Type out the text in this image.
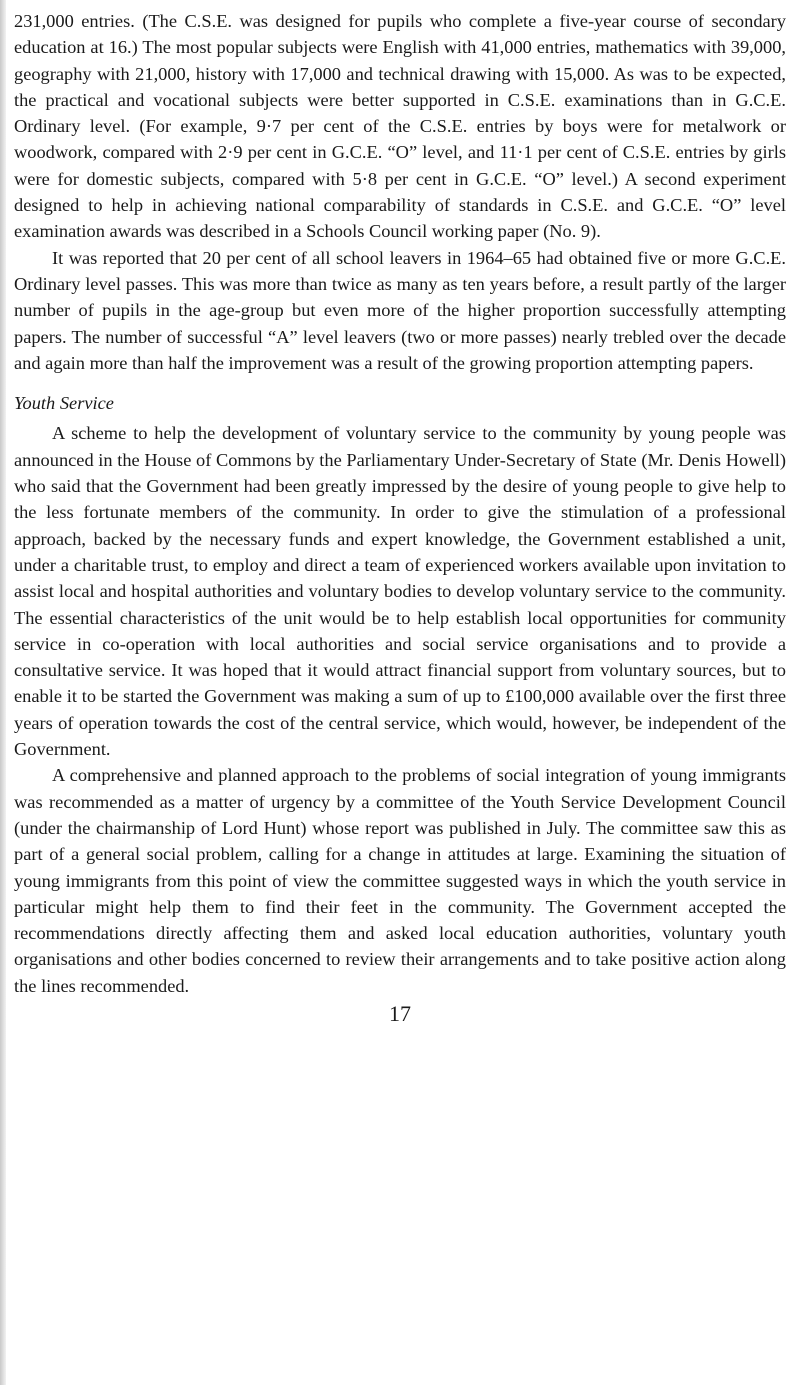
231,000 entries. (The C.S.E. was designed for pupils who complete a five-year course of secondary education at 16.) The most popular subjects were English with 41,000 entries, mathematics with 39,000, geography with 21,000, history with 17,000 and technical drawing with 15,000. As was to be expected, the practical and vocational subjects were better supported in C.S.E. examinations than in G.C.E. Ordinary level. (For example, 9·7 per cent of the C.S.E. entries by boys were for metalwork or woodwork, compared with 2·9 per cent in G.C.E. “O” level, and 11·1 per cent of C.S.E. entries by girls were for domestic subjects, compared with 5·8 per cent in G.C.E. “O” level.) A second experiment designed to help in achieving national comparability of standards in C.S.E. and G.C.E. “O” level examination awards was described in a Schools Council working paper (No. 9).

It was reported that 20 per cent of all school leavers in 1964–65 had obtained five or more G.C.E. Ordinary level passes. This was more than twice as many as ten years before, a result partly of the larger number of pupils in the age-group but even more of the higher proportion successfully attempting papers. The number of successful “A” level leavers (two or more passes) nearly trebled over the decade and again more than half the improvement was a result of the growing proportion attempting papers.

Youth Service

A scheme to help the development of voluntary service to the community by young people was announced in the House of Commons by the Parliamentary Under-Secretary of State (Mr. Denis Howell) who said that the Government had been greatly impressed by the desire of young people to give help to the less fortunate members of the community. In order to give the stimulation of a professional approach, backed by the necessary funds and expert knowledge, the Government established a unit, under a charitable trust, to employ and direct a team of experienced workers available upon invitation to assist local and hospital authorities and voluntary bodies to develop voluntary service to the community. The essential characteristics of the unit would be to help establish local opportunities for community service in co-operation with local authorities and social service organisations and to provide a consultative service. It was hoped that it would attract financial support from voluntary sources, but to enable it to be started the Government was making a sum of up to £100,000 available over the first three years of operation towards the cost of the central service, which would, however, be independent of the Government.

A comprehensive and planned approach to the problems of social integration of young immigrants was recommended as a matter of urgency by a committee of the Youth Service Development Council (under the chairmanship of Lord Hunt) whose report was published in July. The committee saw this as part of a general social problem, calling for a change in attitudes at large. Examining the situation of young immigrants from this point of view the committee suggested ways in which the youth service in particular might help them to find their feet in the community. The Government accepted the recommendations directly affecting them and asked local education authorities, voluntary youth organisations and other bodies concerned to review their arrangements and to take positive action along the lines recommended.

17
